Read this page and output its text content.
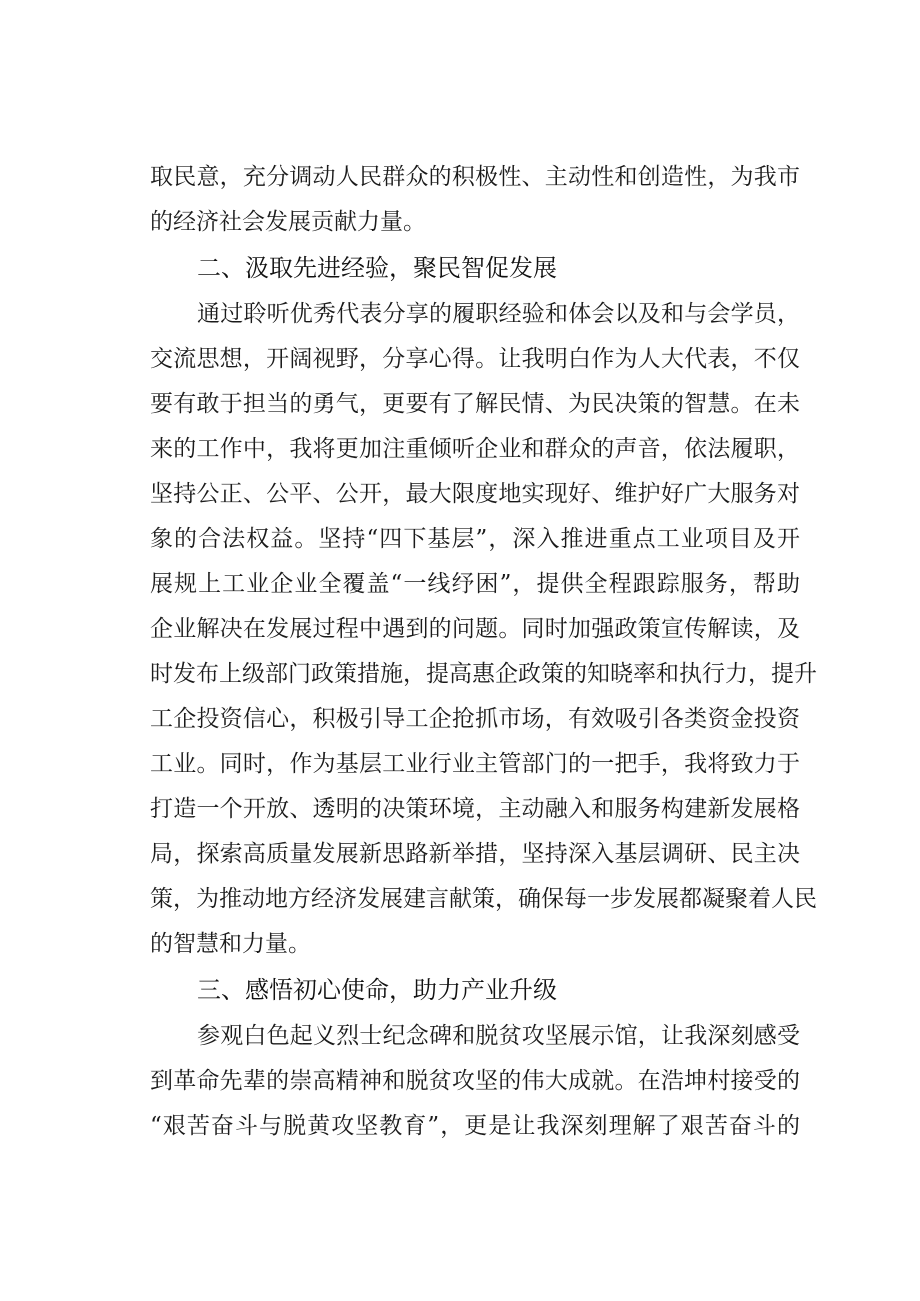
取民意，充分调动人民群众的积极性、主动性和创造性，为我市
的经济社会发展贡献力量。
二、汲取先进经验，聚民智促发展
通过聆听优秀代表分享的履职经验和体会以及和与会学员，
交流思想，开阔视野，分享心得。让我明白作为人大代表，不仅
要有敢于担当的勇气，更要有了解民情、为民决策的智慧。在未
来的工作中，我将更加注重倾听企业和群众的声音，依法履职，
坚持公正、公平、公开，最大限度地实现好、维护好广大服务对
象的合法权益。坚持“四下基层”，深入推进重点工业项目及开
展规上工业企业全覆盖“一线纾困”，提供全程跟踪服务，帮助
企业解决在发展过程中遇到的问题。同时加强政策宣传解读，及
时发布上级部门政策措施，提高惠企政策的知晓率和执行力，提升
工企投资信心，积极引导工企抢抓市场，有效吸引各类资金投资
工业。同时，作为基层工业行业主管部门的一把手，我将致力于
打造一个开放、透明的决策环境，主动融入和服务构建新发展格
局，探索高质量发展新思路新举措，坚持深入基层调研、民主决
策，为推动地方经济发展建言献策，确保每一步发展都凝聚着人民
的智慧和力量。
三、感悟初心使命，助力产业升级
参观白色起义烈士纪念碑和脱贫攻坚展示馆，让我深刻感受
到革命先辈的崇高精神和脱贫攻坚的伟大成就。在浩坤村接受的
“艰苦奋斗与脱黄攻坚教育”，更是让我深刻理解了艰苦奋斗的
